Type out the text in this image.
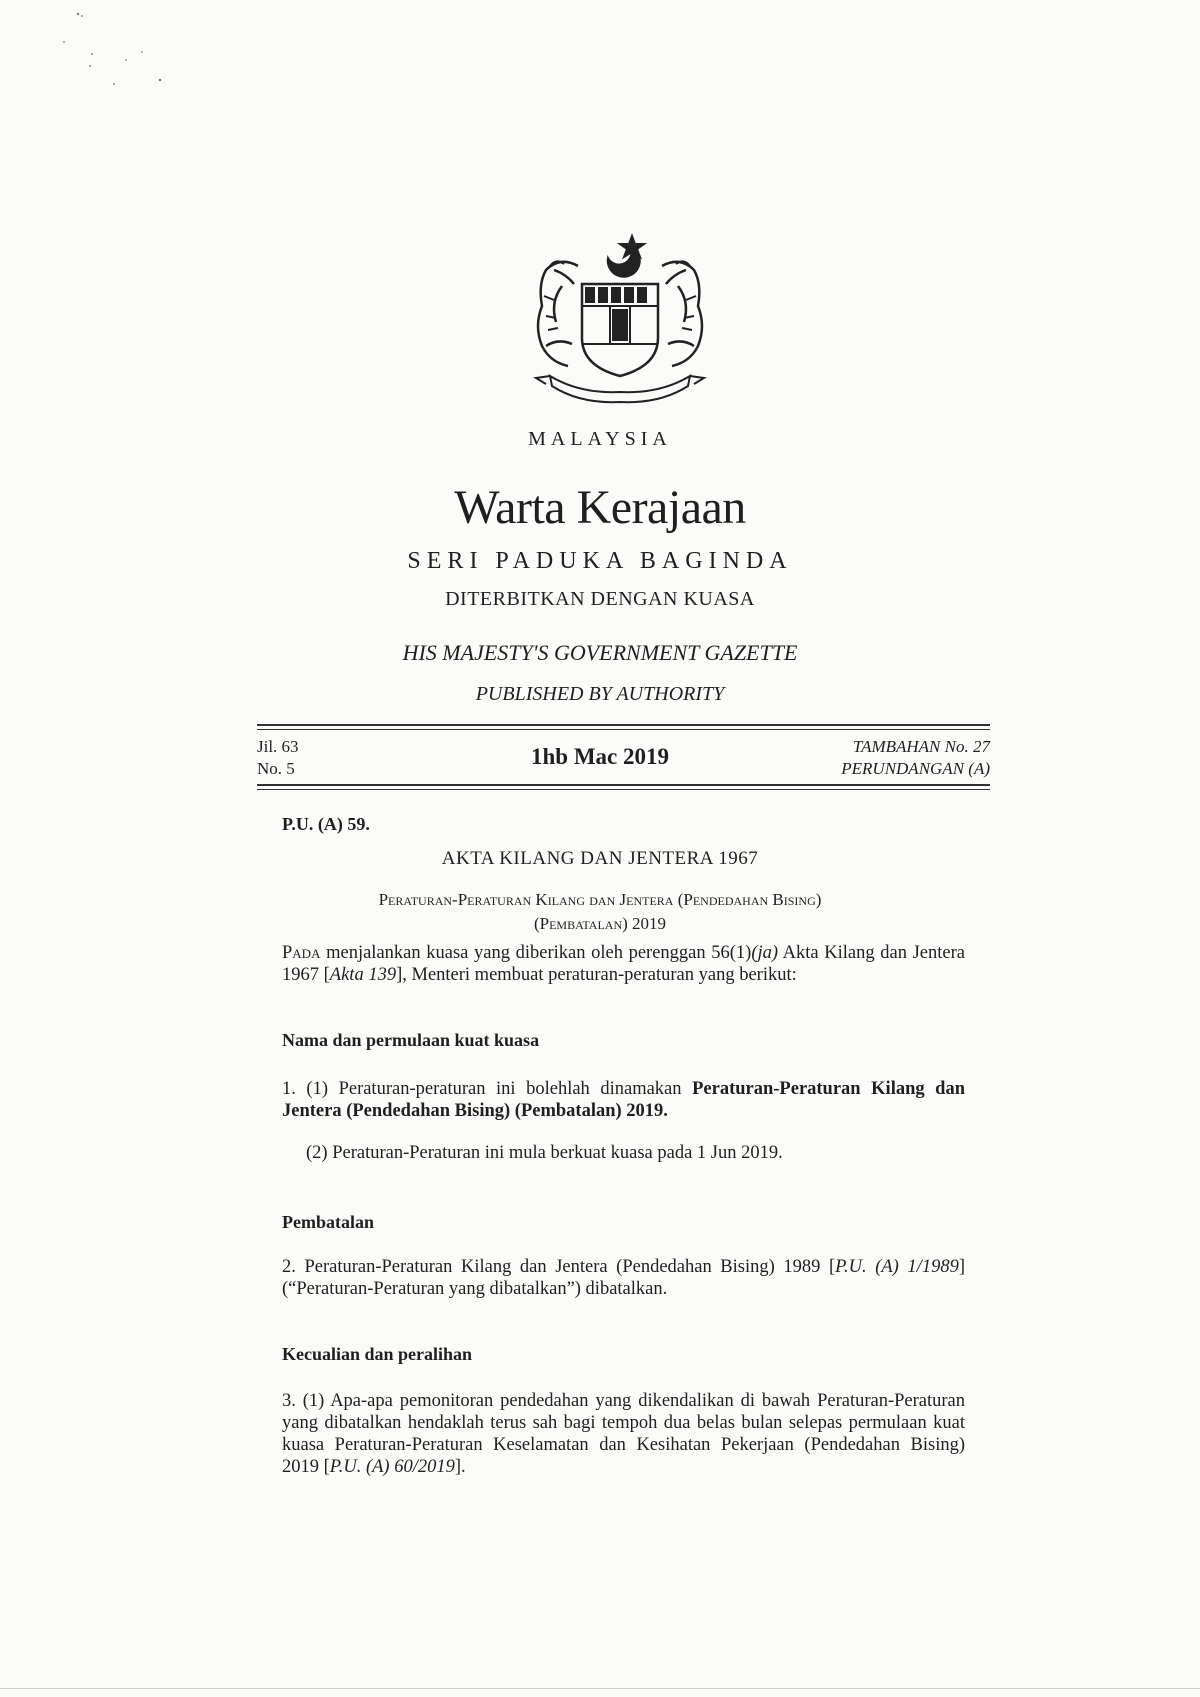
MALAYSIA
Warta Kerajaan
SERI PADUKA BAGINDA
DITERBITKAN DENGAN KUASA
HIS MAJESTY'S GOVERNMENT GAZETTE
PUBLISHED BY AUTHORITY
Jil. 63
No. 5	1hb Mac 2019	TAMBAHAN No. 27
PERUNDANGAN (A)
P.U. (A) 59.
AKTA KILANG DAN JENTERA 1967
Peraturan-Peraturan Kilang dan Jentera (Pendedahan Bising)
(Pembatalan) 2019

Pada menjalankan kuasa yang diberikan oleh perenggan 56(1)(ja) Akta Kilang dan Jentera 1967 [Akta 139], Menteri membuat peraturan-peraturan yang berikut:

Nama dan permulaan kuat kuasa

1. (1) Peraturan-peraturan ini bolehlah dinamakan Peraturan-Peraturan Kilang dan Jentera (Pendedahan Bising) (Pembatalan) 2019.

(2) Peraturan-Peraturan ini mula berkuat kuasa pada 1 Jun 2019.

Pembatalan

2. Peraturan-Peraturan Kilang dan Jentera (Pendedahan Bising) 1989 [P.U. (A) 1/1989] (“Peraturan-Peraturan yang dibatalkan”) dibatalkan.

Kecualian dan peralihan

3. (1) Apa-apa pemonitoran pendedahan yang dikendalikan di bawah Peraturan-Peraturan yang dibatalkan hendaklah terus sah bagi tempoh dua belas bulan selepas permulaan kuat kuasa Peraturan-Peraturan Keselamatan dan Kesihatan Pekerjaan (Pendedahan Bising) 2019 [P.U. (A) 60/2019].
